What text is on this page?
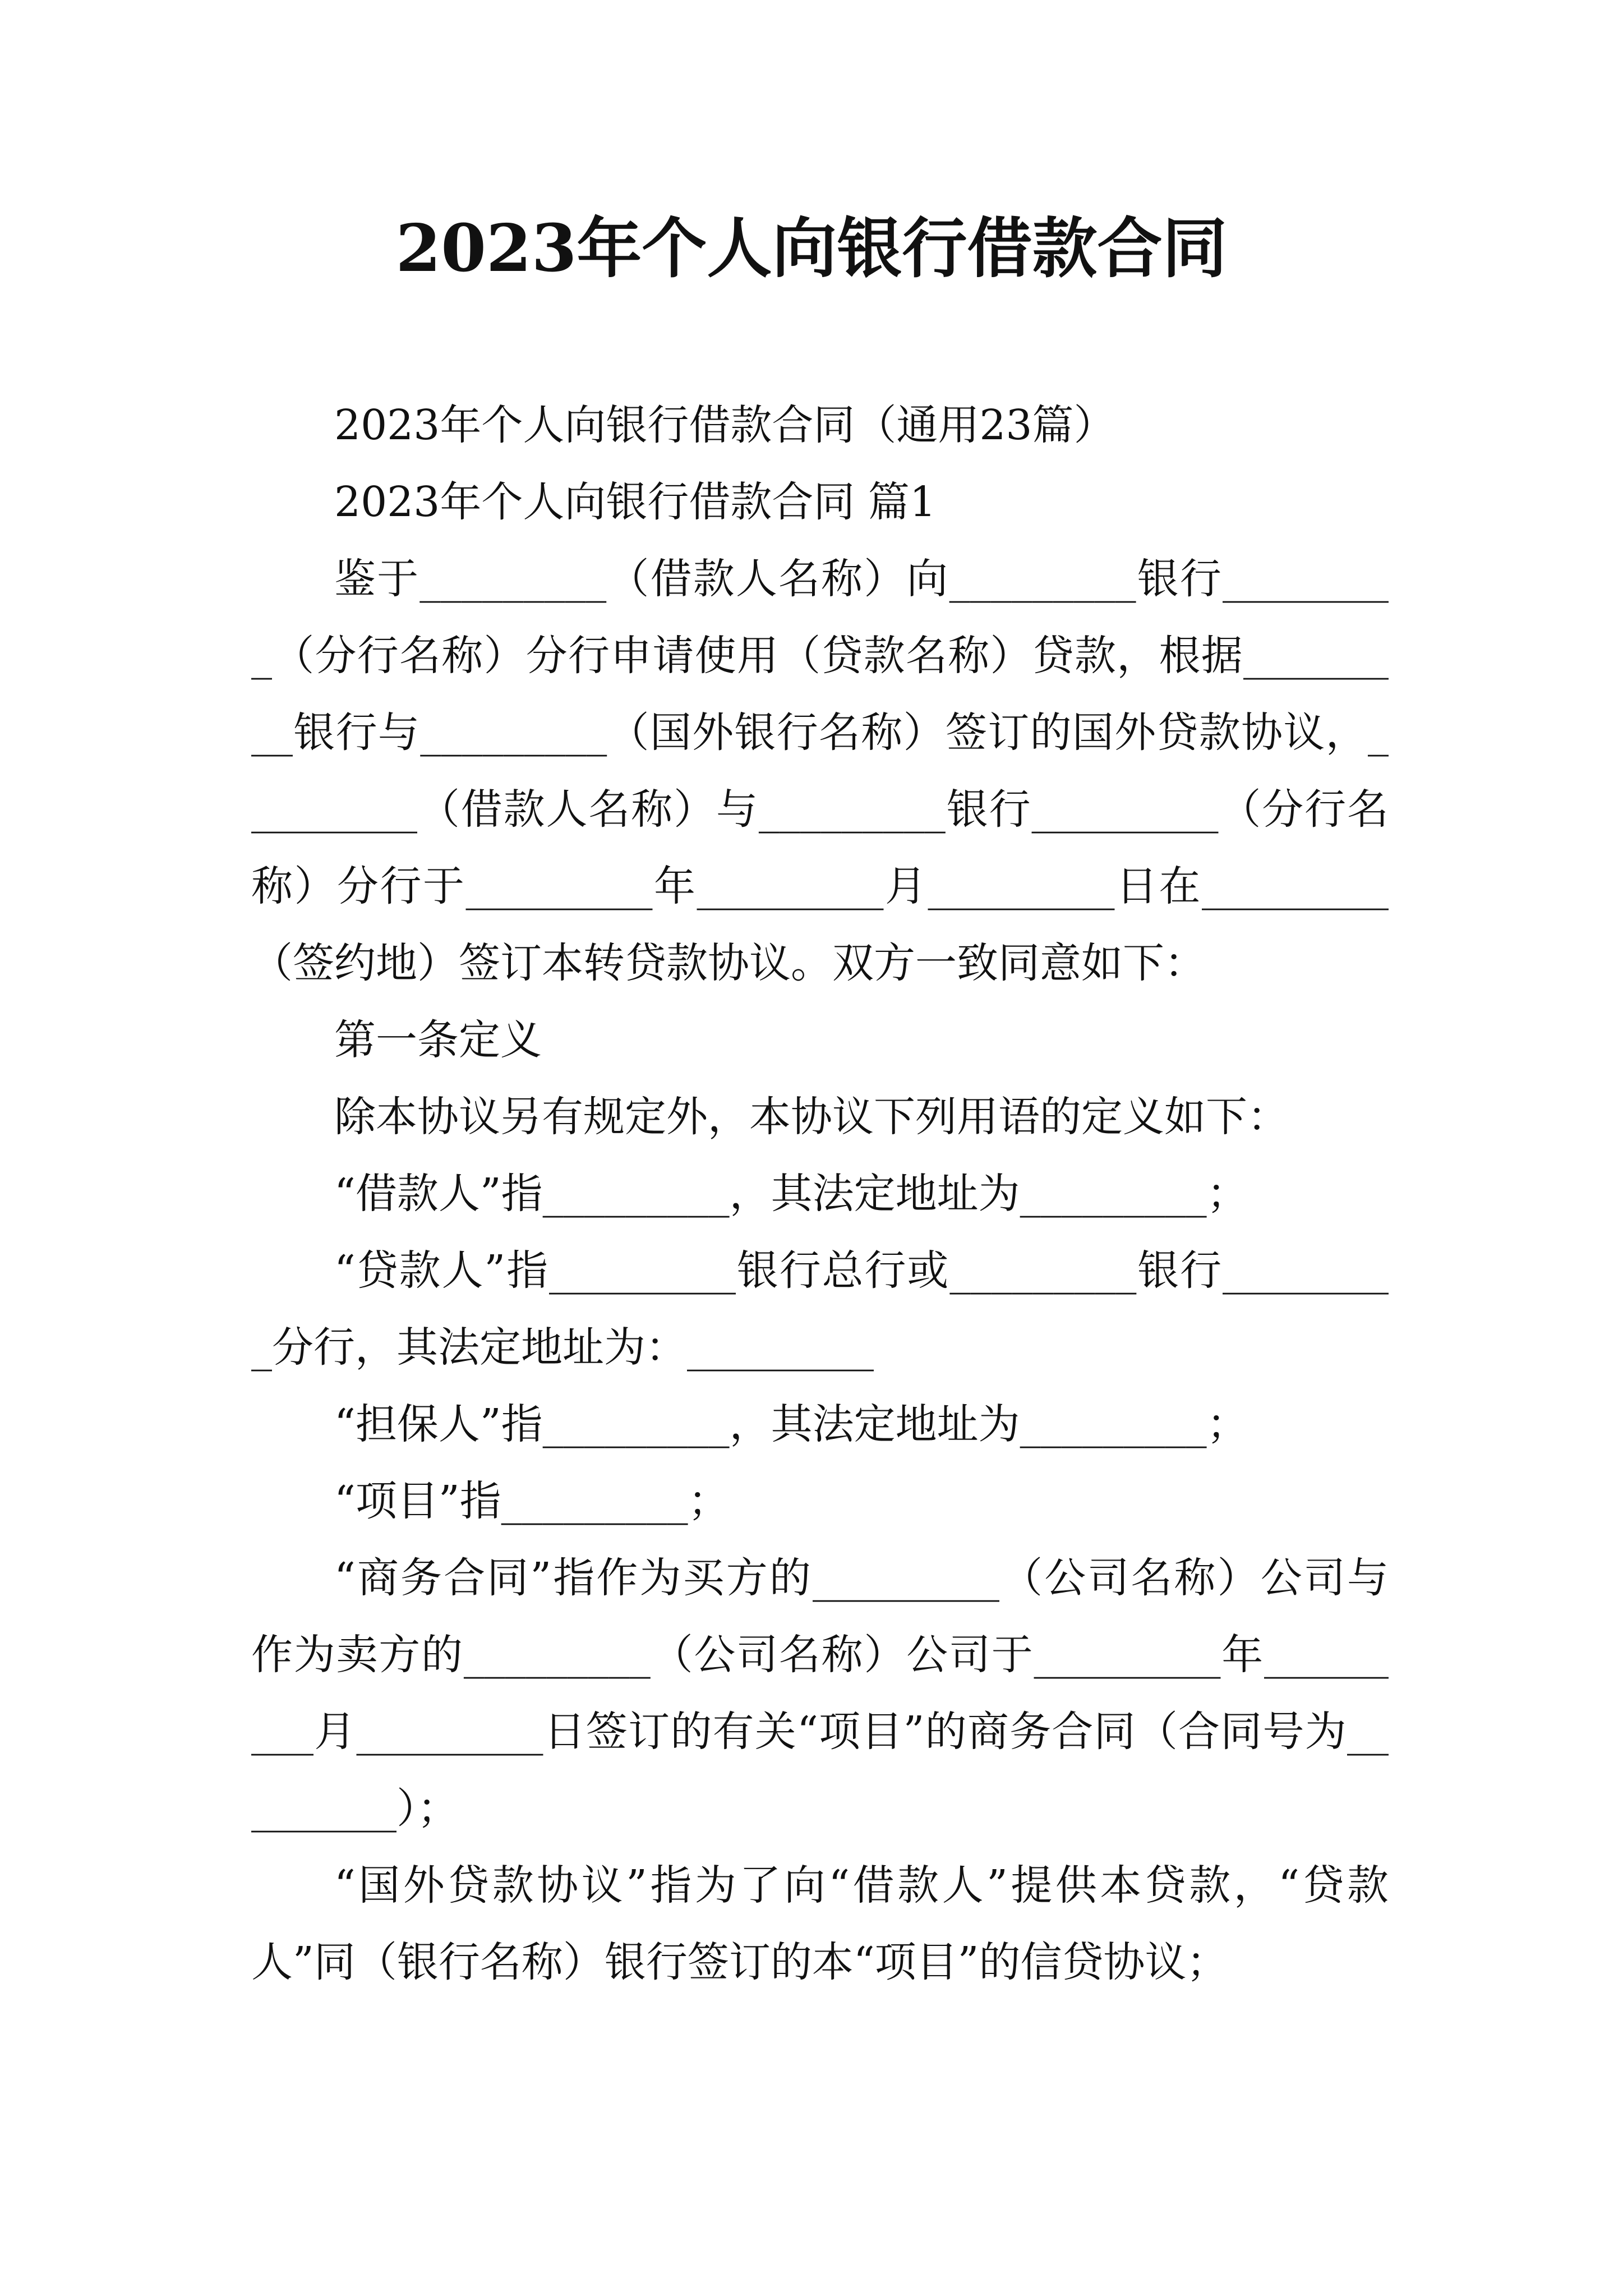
2023年个人向银行借款合同

2023年个人向银行借款合同（通用23篇）

2023年个人向银行借款合同 篇1

鉴于_________（借款人名称）向_________银行_________（分行名称）分行申请使用（贷款名称）贷款，根据_________银行与_________（国外银行名称）签订的国外贷款协议，_________（借款人名称）与_________银行_________（分行名称）分行于_________年_________月_________日在_________（签约地）签订本转贷款协议。双方一致同意如下：

第一条定义

除本协议另有规定外，本协议下列用语的定义如下：

“借款人”指_________，其法定地址为_________；

“贷款人”指_________银行总行或_________银行_________分行，其法定地址为：_________

“担保人”指_________，其法定地址为_________；

“项目”指_________；

“商务合同”指作为买方的_________（公司名称）公司与作为卖方的_________（公司名称）公司于_________年_________月_________日签订的有关“项目”的商务合同（合同号为_________）；

“国外贷款协议”指为了向“借款人”提供本贷款，“贷款人”同（银行名称）银行签订的本“项目”的信贷协议；
